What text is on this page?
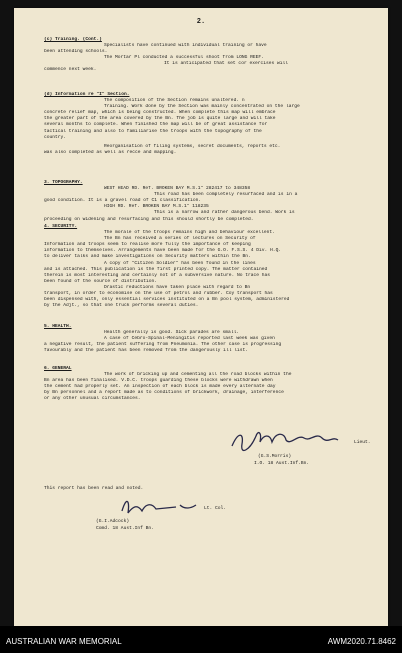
2.
(c) Training. (Cont.)
Specialists have continued with individual training or have
been attending schools.
The Mortar Pl conducted a successful shoot from LONG REEF.
It is anticipated that set cor exercises will
commence next week.
(d) Information re "I" Section.
The composition of the Section remains unaltered. n
Training. Work done by the Section was mainly concentrated on the large
concrete relief map, which is being constructed. When complete this map will embrace
the greater part of the area covered by the Bn. The job is quite large and will take
several months to complete. When finished the map will be of great assistance for
tactical training and also to familiarise the troops with the topography of the
country.
Reorganisation of filing systems, secret documents, reports etc.
was also completed as well as recce and mapping.
3. TOPOGRAPHY.
WEST HEAD RD. Ref. BROKEN BAY M.S.1" 282417 to 348358
This road has been completely resurfaced and is in a
good condition. It is a gravel road of C1 classification.
HIGH RD. Ref. BROKEN BAY M.S.1" 118235
This is a narrow and rather dangerous bend. Work is
proceeding on widening and resurfacing and this should shortly be completed.
4. SECURITY.
The morale of the troops remains high and behaviour excellent.
The Bn has received a series of lectures on Security of
Information and troops seem to realise more fully the importance of keeping
information to themselves. Arrangements have been made for the G.O. F.S.S. 4 Div. H.Q.
to deliver talks and make investigations on Security matters within the Bn.
A copy of "Citizen Soldier" has been found in the lines
and is attached. This publication is the first printed copy. The matter contained
therein is most interesting and certainly not of a subversive nature. No trace has
been found of the source of distribution.
Drastic reductions have taken place with regard to Bn
transport, in order to economise on the use of petrol and rubber. Coy transport has
been dispensed with, only essential services instituted on a Bn pool system, administered
by the Adjt., so that one truck performs several duties.
5. HEALTH.
Health generally is good. Sick parades are small.
A case of Cebro-Spinal-Meningitis reported last week was given
a negative result, the patient suffering from Pneumonia. The other case is progressing
favourably and the patient has been removed from the dangerously ill list.
6. GENERAL
The work of bricking up and cementing all the road blocks within the
Bn area has been finalised. V.D.C. troops guarding these blocks were withdrawn when
the cement had properly set. An inspection of each block is made every alternate day
by Bn personnel and a report made as to conditions of brickwork, drainage, interference
or any other unusual circumstances.
Lieut.
(G.S.Morris)
I.O. 18 Aust.Inf.Bn.
This report has been read and noted.
Lt. Col.
(G.I.Adcock)
Comd. 18 Aust.Inf Bn.
AUSTRALIAN WAR MEMORIAL	AWM2020.71.8462
